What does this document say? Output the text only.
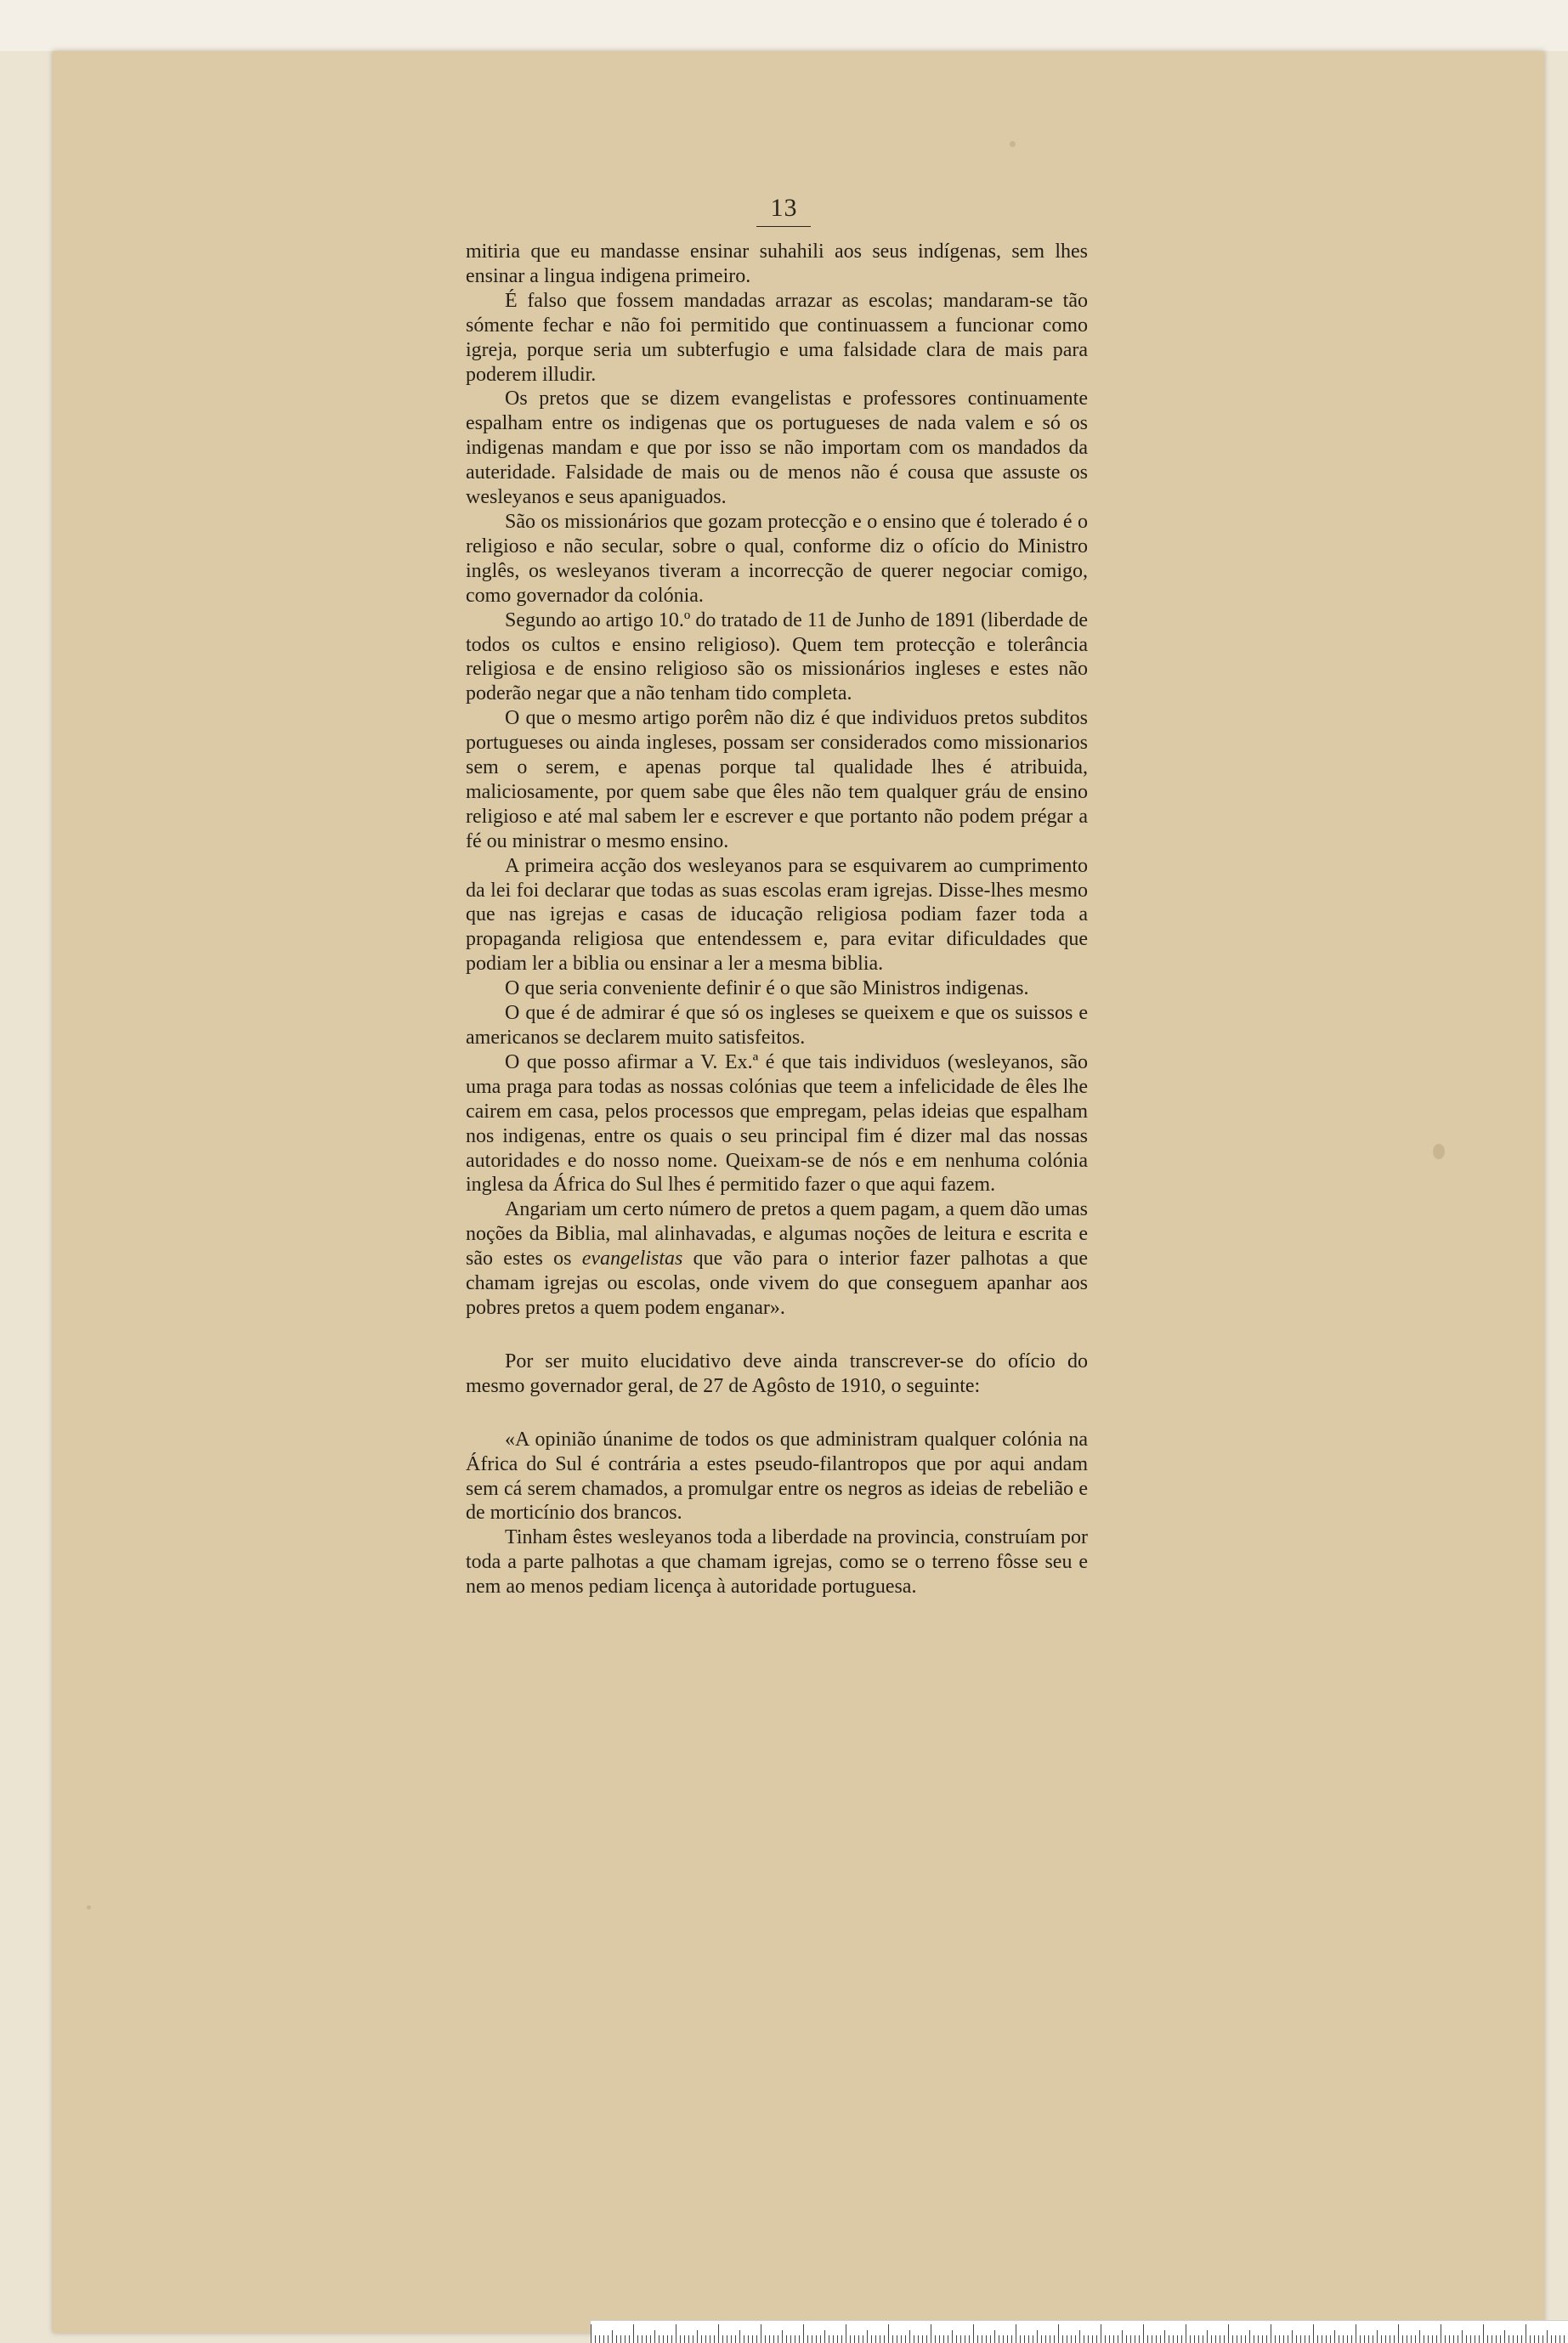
13

mitiria que eu mandasse ensinar suhahili aos seus indígenas, sem lhes ensinar a lingua indigena primeiro.

É falso que fossem mandadas arrazar as escolas; mandaram-se tão sómente fechar e não foi permitido que continuassem a funcionar como igreja, porque seria um subterfugio e uma falsidade clara de mais para poderem illudir.

Os pretos que se dizem evangelistas e professores continuamente espalham entre os indigenas que os portugueses de nada valem e só os indigenas mandam e que por isso se não importam com os mandados da auteridade. Falsidade de mais ou de menos não é cousa que assuste os wesleyanos e seus apaniguados.

São os missionários que gozam protecção e o ensino que é tolerado é o religioso e não secular, sobre o qual, conforme diz o ofício do Ministro inglês, os wesleyanos tiveram a incorrecção de querer negociar comigo, como governador da colónia.

Segundo ao artigo 10.º do tratado de 11 de Junho de 1891 (liberdade de todos os cultos e ensino religioso). Quem tem protecção e tolerância religiosa e de ensino religioso são os missionários ingleses e estes não poderão negar que a não tenham tido completa.

O que o mesmo artigo porêm não diz é que individuos pretos subditos portugueses ou ainda ingleses, possam ser considerados como missionarios sem o serem, e apenas porque tal qualidade lhes é atribuida, maliciosamente, por quem sabe que êles não tem qualquer gráu de ensino religioso e até mal sabem ler e escrever e que portanto não podem prégar a fé ou ministrar o mesmo ensino.

A primeira acção dos wesleyanos para se esquivarem ao cumprimento da lei foi declarar que todas as suas escolas eram igrejas. Disse-lhes mesmo que nas igrejas e casas de iducação religiosa podiam fazer toda a propaganda religiosa que entendessem e, para evitar dificuldades que podiam ler a biblia ou ensinar a ler a mesma biblia.

O que seria conveniente definir é o que são Ministros indigenas.

O que é de admirar é que só os ingleses se queixem e que os suissos e americanos se declarem muito satisfeitos.

O que posso afirmar a V. Ex.ª é que tais individuos (wesleyanos, são uma praga para todas as nossas colónias que teem a infelicidade de êles lhe cairem em casa, pelos processos que empregam, pelas ideias que espalham nos indigenas, entre os quais o seu principal fim é dizer mal das nossas autoridades e do nosso nome. Queixam-se de nós e em nenhuma colónia inglesa da África do Sul lhes é permitido fazer o que aqui fazem.

Angariam um certo número de pretos a quem pagam, a quem dão umas noções da Biblia, mal alinhavadas, e algumas noções de leitura e escrita e são estes os evangelistas que vão para o interior fazer palhotas a que chamam igrejas ou escolas, onde vivem do que conseguem apanhar aos pobres pretos a quem podem enganar».

Por ser muito elucidativo deve ainda transcrever-se do ofício do mesmo governador geral, de 27 de Agôsto de 1910, o seguinte:

«A opinião únanime de todos os que administram qualquer colónia na África do Sul é contrária a estes pseudo-filantropos que por aqui andam sem cá serem chamados, a promulgar entre os negros as ideias de rebelião e de morticínio dos brancos.

Tinham êstes wesleyanos toda a liberdade na provincia, construíam por toda a parte palhotas a que chamam igrejas, como se o terreno fôsse seu e nem ao menos pediam licença à autoridade portuguesa.
